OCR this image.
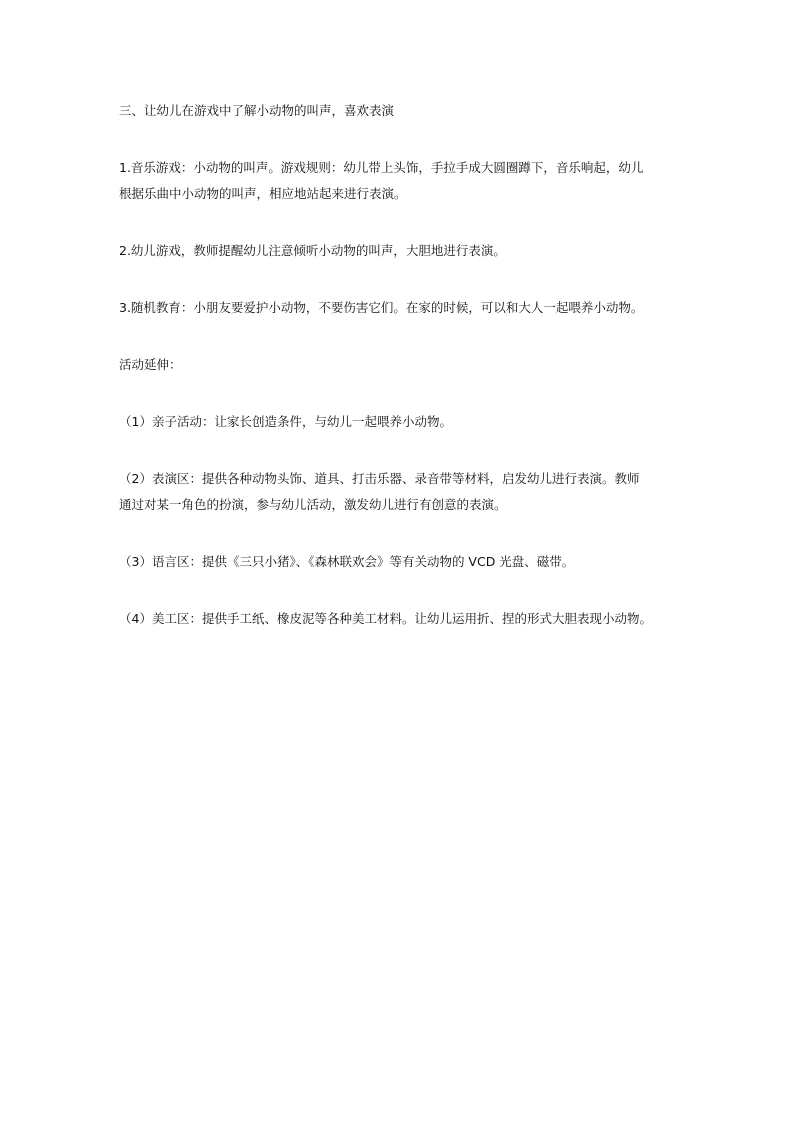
三、让幼儿在游戏中了解小动物的叫声，喜欢表演

1.音乐游戏：小动物的叫声。游戏规则：幼儿带上头饰，手拉手成大圆圈蹲下，音乐响起，幼儿
根据乐曲中小动物的叫声，相应地站起来进行表演。

2.幼儿游戏，教师提醒幼儿注意倾听小动物的叫声，大胆地进行表演。

3.随机教育：小朋友要爱护小动物，不要伤害它们。在家的时候，可以和大人一起喂养小动物。

活动延伸：

（1）亲子活动：让家长创造条件，与幼儿一起喂养小动物。

（2）表演区：提供各种动物头饰、道具、打击乐器、录音带等材料，启发幼儿进行表演。教师
通过对某一角色的扮演，参与幼儿活动，激发幼儿进行有创意的表演。

（3）语言区：提供《三只小猪》、《森林联欢会》等有关动物的 VCD 光盘、磁带。

（4）美工区：提供手工纸、橡皮泥等各种美工材料。让幼儿运用折、捏的形式大胆表现小动物。
